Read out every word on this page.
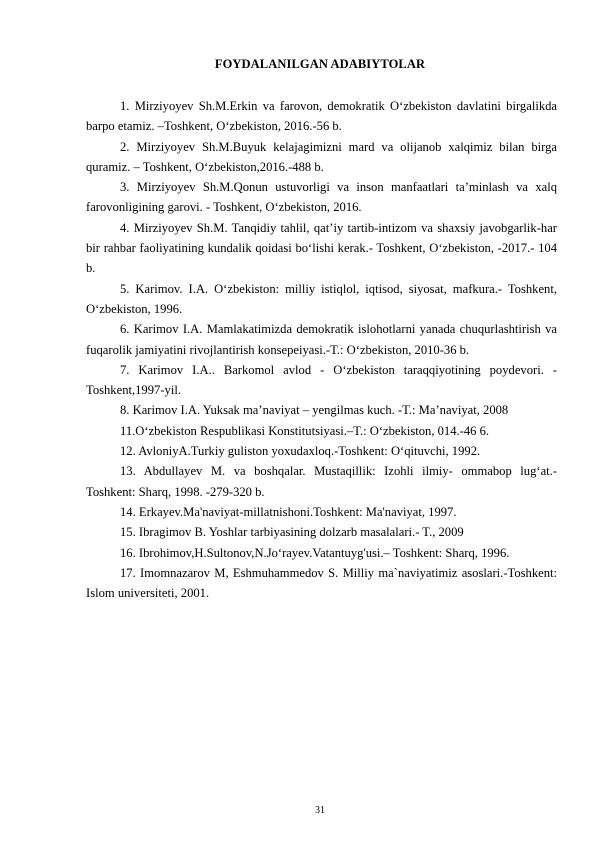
FOYDALANILGAN ADABIYTOLAR

1. Mirziyoyev Sh.M.Erkin va farovon, demokratik O‘zbekiston davlatini birgalikda barpo etamiz. –Toshkent, O‘zbekiston, 2016.-56 b.

2. Mirziyoyev Sh.M.Buyuk kelajagimizni mard va olijanob xalqimiz bilan birga quramiz. – Toshkent, O‘zbekiston,2016.-488 b.

3. Mirziyoyev Sh.M.Qonun ustuvorligi va inson manfaatlari ta’minlash va xalq farovonligining garovi. - Toshkent, O‘zbekiston, 2016.

4. Mirziyoyev Sh.M. Tanqidiy tahlil, qat’iy tartib-intizom va shaxsiy javobgarlik-har bir rahbar faoliyatining kundalik qoidasi bo‘lishi kerak.- Toshkent, O‘zbekiston, -2017.- 104 b.

5. Karimov. I.A. O‘zbekiston: milliy istiqlol, iqtisod, siyosat, mafkura.- Toshkent, O‘zbekiston, 1996.

6. Karimov I.A. Mamlakatimizda demokratik islohotlarni yanada chuqurlashtirish va fuqarolik jamiyatini rivojlantirish konsepeiyasi.-T.: O‘zbekiston, 2010-36 b.

7. Karimov I.A.. Barkomol avlod - O‘zbekiston taraqqiyotining poydevori. -Toshkent,1997-yil.

8. Karimov I.A. Yuksak ma’naviyat – yengilmas kuch. -T.: Ma’naviyat, 2008

11.O‘zbekiston Respublikasi Konstitutsiyasi.–T.: O‘zbekiston, 014.-46 6.

12. AvloniyA.Turkiy guliston yoxudaxloq.-Toshkent: O‘qituvchi, 1992.

13. Abdullayev M. va boshqalar. Mustaqillik: Izohli ilmiy- ommabop lug‘at.-Toshkent: Sharq, 1998. -279-320 b.

14. Erkayev.Ma'naviyat-millatnishoni.Toshkent: Ma'naviyat, 1997.

15. Ibragimov B. Yoshlar tarbiyasining dolzarb masalalari.- T., 2009

16. Ibrohimov,H.Sultonov,N.Jo‘rayev.Vatantuyg'usi.– Toshkent: Sharq, 1996.

17. Imomnazarov M, Eshmuhammedov S. Milliy ma`naviyatimiz asoslari.-Toshkent: Islom universiteti, 2001.

31
